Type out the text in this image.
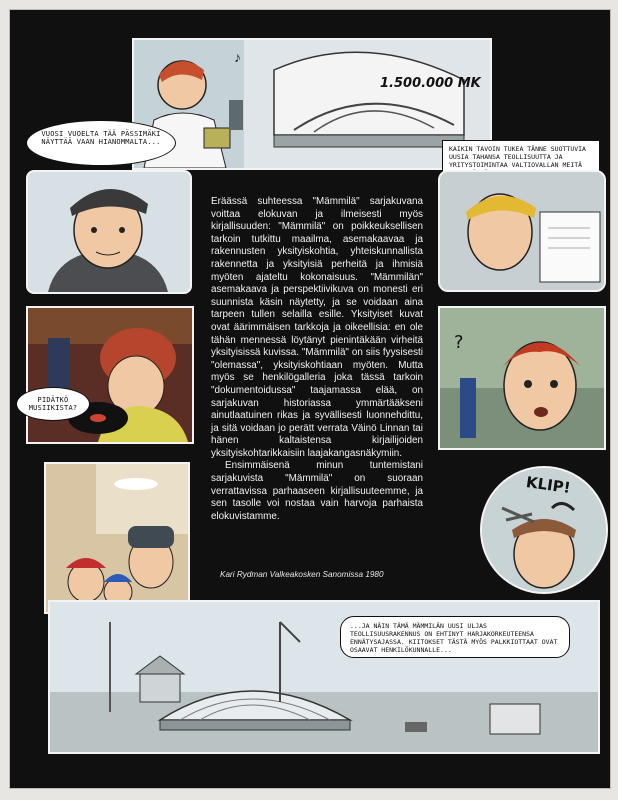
♪
1.500.000 MK
VUOSI VUOELTA TÄÄ PÄSSIMÄKI NÄYTTÄÄ VAAN HIANOMMALTA...
PIDÄTKÖ MUSIIKISTA?
KAIKIN TAVOIN TUKEA TÄNNE SUOTTUVIA UUSIA TAHANSA TEOLLISUUTTA JA YRITYSTOIMINTAA VALTIOVALLAN MEITÄ
?
KLIP!

Eräässä suhteessa "Mämmilä" sarjakuvana voittaa elokuvan ja ilmeisesti myös kirjallisuuden: "Mämmilä" on poikkeuksellisen tarkoin tutkittu maailma, asemakaavaa ja rakennusten yksityiskohtia, yhteiskunnallista rakennetta ja yksityisiä perheitä ja ihmisiä myöten ajateltu kokonaisuus. "Mämmilän" asemakaava ja perspektiivikuva on monesti eri suunnista käsin näytetty, ja se voidaan aina tarpeen tullen selailla esille. Yksityiset kuvat ovat äärimmäisen tarkkoja ja oikeellisia: en ole tähän mennessä löytänyt pienintäkään virheitä yksityisissä kuvissa. "Mämmilä" on siis fyysisesti "olemassa", yksityiskohtiaan myöten. Mutta myös se henkilögalleria joka tässä tarkoin "dokumentoidussa" taajamassa elää, on sarjakuvan historiassa ymmärtääkseni ainutlaatuinen rikas ja syvällisesti luonnehdittu, ja sitä voidaan jo perätt verrata Väinö Linnan tai hänen kaltaistensa kirjailijoiden yksityiskohtarikkaisiin laajakangasnäkymiin.

Ensimmäisenä minun tuntemistani sarjakuvista "Mämmilä" on suoraan verrattavissa parhaaseen kirjallisuuteemme, ja sen tasolle voi nostaa vain harvoja parhaista elokuvistamme.

Kari Rydman Valkeakosken Sanomissa 1980
...JA NÄIN TÄMÄ MÄMMILÄN UUSI ULJAS TEOLLISUUSRAKENNUS ON EHTINYT HARJAKORKEUTEENSA ENNÄTYSAJASSA. KIITOKSET TÄSTÄ MYÖS PALKKIOTTAAT OVAT OSAAVAT HENKILÖKUNNALLE...
